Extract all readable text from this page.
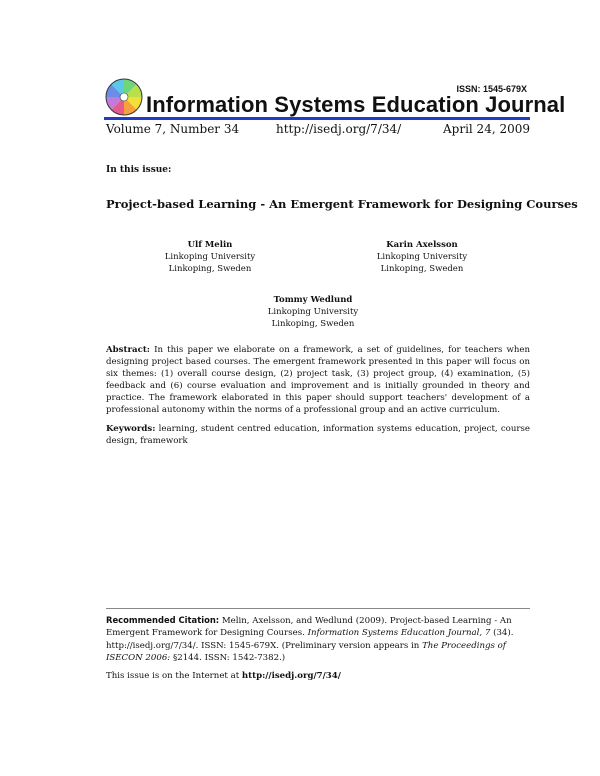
ISSN: 1545-679X
Information Systems Education Journal
Volume 7, Number 34	http://isedj.org/7/34/	April 24, 2009
In this issue:
Project-based Learning - An Emergent Framework for Designing Courses
Ulf Melin
Linkoping University
Linkoping, Sweden
Karin Axelsson
Linkoping University
Linkoping, Sweden
Tommy Wedlund
Linkoping University
Linkoping, Sweden
Abstract: In this paper we elaborate on a framework, a set of guidelines, for teachers when designing project based courses. The emergent framework presented in this paper will focus on six themes: (1) overall course design, (2) project task, (3) project group, (4) examination, (5) feedback and (6) course evaluation and improvement and is initially grounded in theory and practice. The framework elaborated in this paper should support teachers' development of a professional autonomy within the norms of a professional group and an active curriculum.
Keywords: learning, student centred education, information systems education, project, course design, framework
Recommended Citation: Melin, Axelsson, and Wedlund (2009). Project-based Learning - An Emergent Framework for Designing Courses. Information Systems Education Journal, 7 (34). http://isedj.org/7/34/. ISSN: 1545-679X. (Preliminary version appears in The Proceedings of ISECON 2006: §2144. ISSN: 1542-7382.)
This issue is on the Internet at http://isedj.org/7/34/
